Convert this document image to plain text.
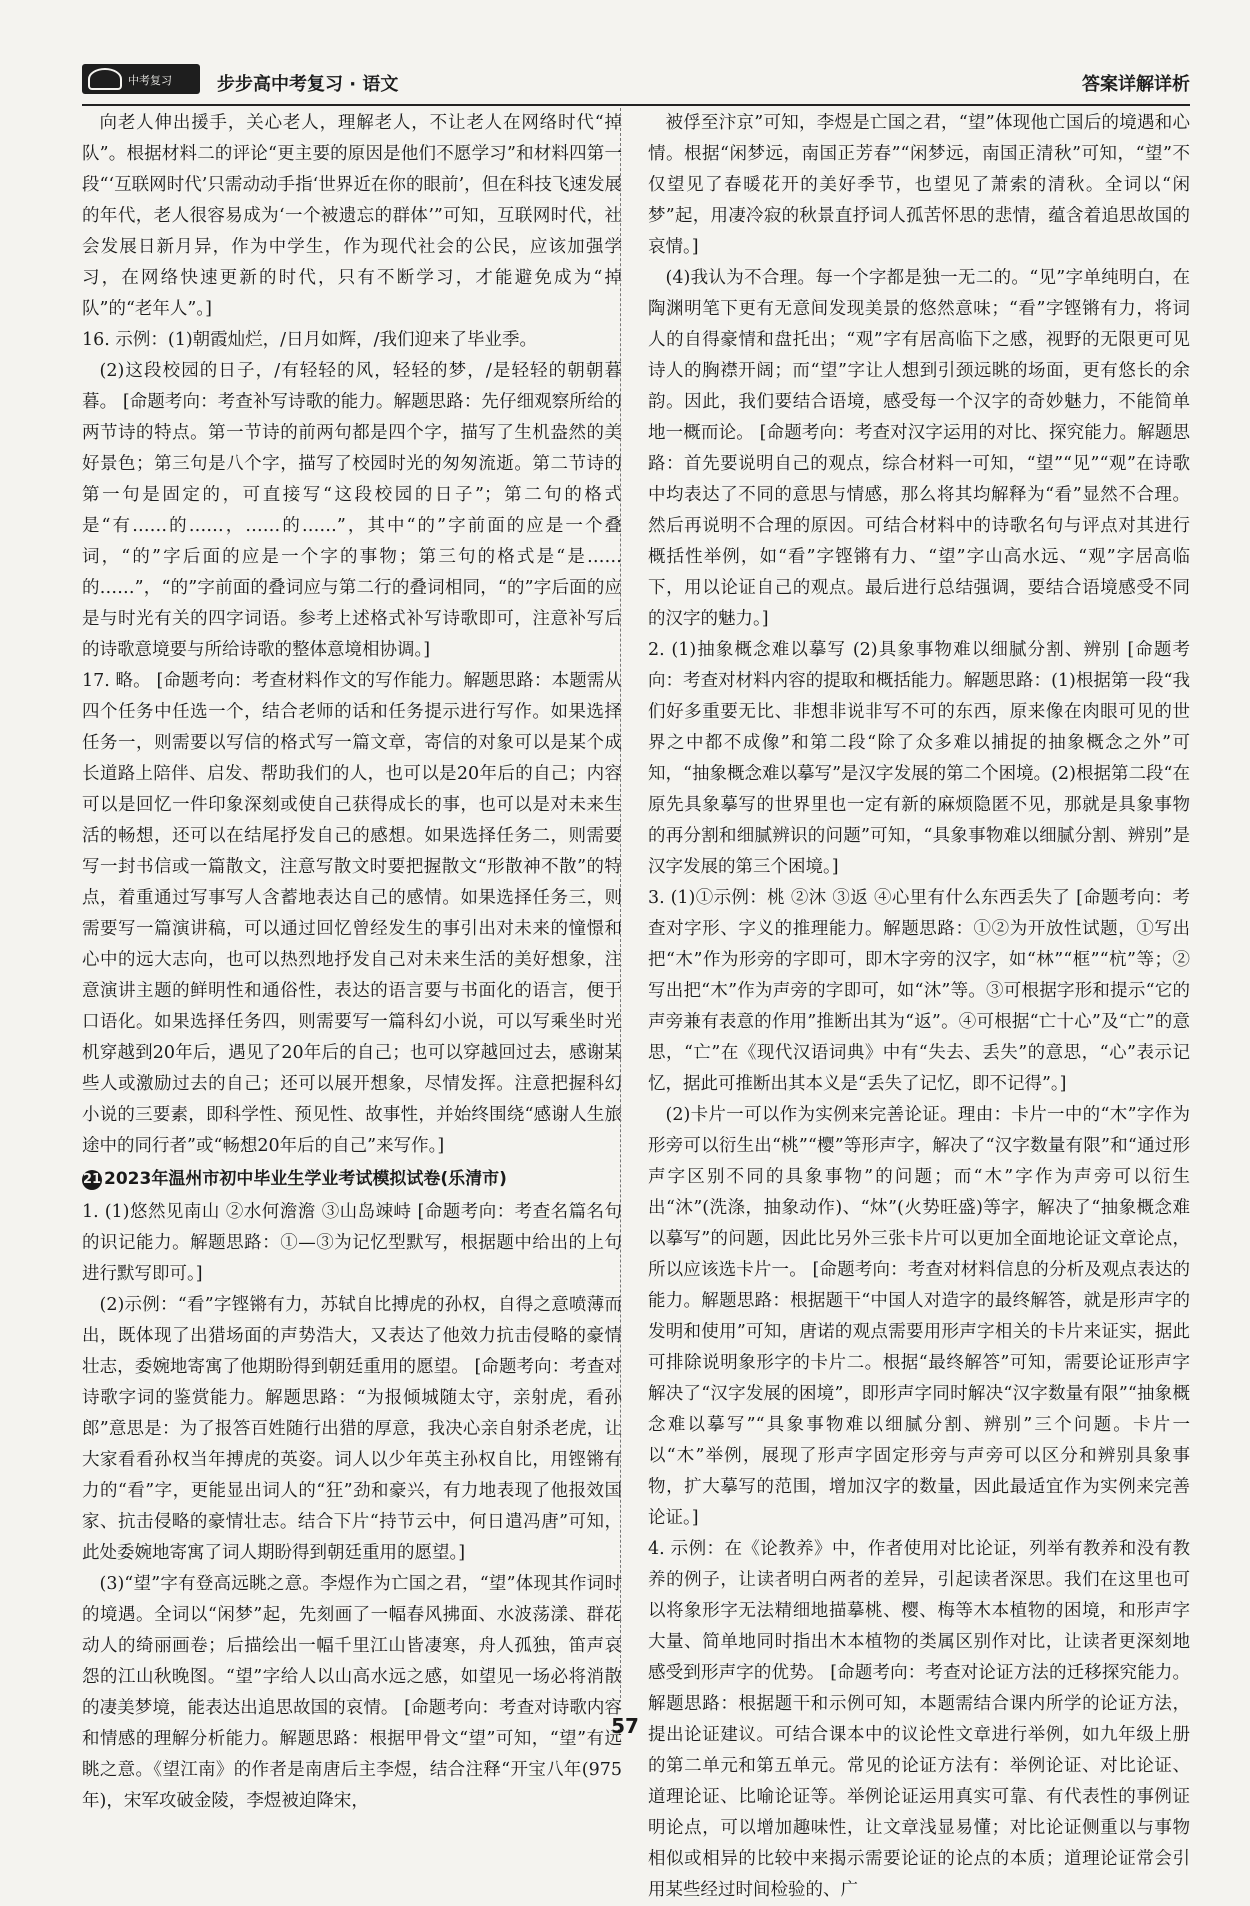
中考复习	步步高中考复习 · 语文	答案详解详析

向老人伸出援手，关心老人，理解老人，不让老人在网络时代“掉队”。根据材料二的评论“更主要的原因是他们不愿学习”和材料四第一段“‘互联网时代’只需动动手指‘世界近在你的眼前’，但在科技飞速发展的年代，老人很容易成为‘一个被遗忘的群体’”可知，互联网时代，社会发展日新月异，作为中学生，作为现代社会的公民，应该加强学习，在网络快速更新的时代，只有不断学习，才能避免成为“掉队”的“老年人”。]

16. 示例：(1)朝霞灿烂，/日月如辉，/我们迎来了毕业季。

(2)这段校园的日子，/有轻轻的风，轻轻的梦，/是轻轻的朝朝暮暮。 [命题考向：考查补写诗歌的能力。解题思路：先仔细观察所给的两节诗的特点。第一节诗的前两句都是四个字，描写了生机盎然的美好景色；第三句是八个字，描写了校园时光的匆匆流逝。第二节诗的第一句是固定的，可直接写“这段校园的日子”；第二句的格式是“有……的……，……的……”，其中“的”字前面的应是一个叠词，“的”字后面的应是一个字的事物；第三句的格式是“是……的……”，“的”字前面的叠词应与第二行的叠词相同，“的”字后面的应是与时光有关的四字词语。参考上述格式补写诗歌即可，注意补写后的诗歌意境要与所给诗歌的整体意境相协调。]

17. 略。 [命题考向：考查材料作文的写作能力。解题思路：本题需从四个任务中任选一个，结合老师的话和任务提示进行写作。如果选择任务一，则需要以写信的格式写一篇文章，寄信的对象可以是某个成长道路上陪伴、启发、帮助我们的人，也可以是20年后的自己；内容可以是回忆一件印象深刻或使自己获得成长的事，也可以是对未来生活的畅想，还可以在结尾抒发自己的感想。如果选择任务二，则需要写一封书信或一篇散文，注意写散文时要把握散文“形散神不散”的特点，着重通过写事写人含蓄地表达自己的感情。如果选择任务三，则需要写一篇演讲稿，可以通过回忆曾经发生的事引出对未来的憧憬和心中的远大志向，也可以热烈地抒发自己对未来生活的美好想象，注意演讲主题的鲜明性和通俗性，表达的语言要与书面化的语言，便于口语化。如果选择任务四，则需要写一篇科幻小说，可以写乘坐时光机穿越到20年后，遇见了20年后的自己；也可以穿越回过去，感谢某些人或激励过去的自己；还可以展开想象，尽情发挥。注意把握科幻小说的三要素，即科学性、预见性、故事性，并始终围绕“感谢人生旅途中的同行者”或“畅想20年后的自己”来写作。]

21 2023年温州市初中毕业生学业考试模拟试卷(乐清市)

1. (1)悠然见南山 ②水何澹澹 ③山岛竦峙 [命题考向：考查名篇名句的识记能力。解题思路：①—③为记忆型默写，根据题中给出的上句进行默写即可。]

(2)示例：“看”字铿锵有力，苏轼自比搏虎的孙权，自得之意喷薄而出，既体现了出猎场面的声势浩大，又表达了他效力抗击侵略的豪情壮志，委婉地寄寓了他期盼得到朝廷重用的愿望。 [命题考向：考查对诗歌字词的鉴赏能力。解题思路：“为报倾城随太守，亲射虎，看孙郎”意思是：为了报答百姓随行出猎的厚意，我决心亲自射杀老虎，让大家看看孙权当年搏虎的英姿。词人以少年英主孙权自比，用铿锵有力的“看”字，更能显出词人的“狂”劲和豪兴，有力地表现了他报效国家、抗击侵略的豪情壮志。结合下片“持节云中，何日遣冯唐”可知，此处委婉地寄寓了词人期盼得到朝廷重用的愿望。]

(3)“望”字有登高远眺之意。李煜作为亡国之君，“望”体现其作词时的境遇。全词以“闲梦”起，先刻画了一幅春风拂面、水波荡漾、群花动人的绮丽画卷；后描绘出一幅千里江山皆凄寒，舟人孤独，笛声哀怨的江山秋晚图。“望”字给人以山高水远之感，如望见一场必将消散的凄美梦境，能表达出追思故国的哀情。 [命题考向：考查对诗歌内容和情感的理解分析能力。解题思路：根据甲骨文“望”可知，“望”有远眺之意。《望江南》的作者是南唐后主李煜，结合注释“开宝八年(975年)，宋军攻破金陵，李煜被迫降宋，

被俘至汴京”可知，李煜是亡国之君，“望”体现他亡国后的境遇和心情。根据“闲梦远，南国正芳春”“闲梦远，南国正清秋”可知，“望”不仅望见了春暖花开的美好季节，也望见了萧索的清秋。全词以“闲梦”起，用凄冷寂的秋景直抒词人孤苦怀思的悲情，蕴含着追思故国的哀情。]

(4)我认为不合理。每一个字都是独一无二的。“见”字单纯明白，在陶渊明笔下更有无意间发现美景的悠然意味；“看”字铿锵有力，将词人的自得豪情和盘托出；“观”字有居高临下之感，视野的无限更可见诗人的胸襟开阔；而“望”字让人想到引颈远眺的场面，更有悠长的余韵。因此，我们要结合语境，感受每一个汉字的奇妙魅力，不能简单地一概而论。 [命题考向：考查对汉字运用的对比、探究能力。解题思路：首先要说明自己的观点，综合材料一可知，“望”“见”“观”在诗歌中均表达了不同的意思与情感，那么将其均解释为“看”显然不合理。然后再说明不合理的原因。可结合材料中的诗歌名句与评点对其进行概括性举例，如“看”字铿锵有力、“望”字山高水远、“观”字居高临下，用以论证自己的观点。最后进行总结强调，要结合语境感受不同的汉字的魅力。]

2. (1)抽象概念难以摹写 (2)具象事物难以细腻分割、辨别 [命题考向：考查对材料内容的提取和概括能力。解题思路：(1)根据第一段“我们好多重要无比、非想非说非写不可的东西，原来像在肉眼可见的世界之中都不成像”和第二段“除了众多难以捕捉的抽象概念之外”可知，“抽象概念难以摹写”是汉字发展的第二个困境。(2)根据第二段“在原先具象摹写的世界里也一定有新的麻烦隐匿不见，那就是具象事物的再分割和细腻辨识的问题”可知，“具象事物难以细腻分割、辨别”是汉字发展的第三个困境。]

3. (1)①示例：桃 ②沐 ③返 ④心里有什么东西丢失了 [命题考向：考查对字形、字义的推理能力。解题思路：①②为开放性试题，①写出把“木”作为形旁的字即可，即木字旁的汉字，如“林”“框”“杭”等；②写出把“木”作为声旁的字即可，如“沐”等。③可根据字形和提示“它的声旁兼有表意的作用”推断出其为“返”。④可根据“亡十心”及“亡”的意思，“亡”在《现代汉语词典》中有“失去、丢失”的意思，“心”表示记忆，据此可推断出其本义是“丢失了记忆，即不记得”。]

(2)卡片一可以作为实例来完善论证。理由：卡片一中的“木”字作为形旁可以衍生出“桃”“樱”等形声字，解决了“汉字数量有限”和“通过形声字区别不同的具象事物”的问题；而“木”字作为声旁可以衍生出“沐”(洗涤，抽象动作)、“炑”(火势旺盛)等字，解决了“抽象概念难以摹写”的问题，因此比另外三张卡片可以更加全面地论证文章论点，所以应该选卡片一。 [命题考向：考查对材料信息的分析及观点表达的能力。解题思路：根据题干“中国人对造字的最终解答，就是形声字的发明和使用”可知，唐诺的观点需要用形声字相关的卡片来证实，据此可排除说明象形字的卡片二。根据“最终解答”可知，需要论证形声字解决了“汉字发展的困境”，即形声字同时解决“汉字数量有限”“抽象概念难以摹写”“具象事物难以细腻分割、辨别”三个问题。卡片一以“木”举例，展现了形声字固定形旁与声旁可以区分和辨别具象事物，扩大摹写的范围，增加汉字的数量，因此最适宜作为实例来完善论证。]

4. 示例：在《论教养》中，作者使用对比论证，列举有教养和没有教养的例子，让读者明白两者的差异，引起读者深思。我们在这里也可以将象形字无法精细地描摹桃、樱、梅等木本植物的困境，和形声字大量、简单地同时指出木本植物的类属区别作对比，让读者更深刻地感受到形声字的优势。 [命题考向：考查对论证方法的迁移探究能力。解题思路：根据题干和示例可知，本题需结合课内所学的论证方法，提出论证建议。可结合课本中的议论性文章进行举例，如九年级上册的第二单元和第五单元。常见的论证方法有：举例论证、对比论证、道理论证、比喻论证等。举例论证运用真实可靠、有代表性的事例证明论点，可以增加趣味性，让文章浅显易懂；对比论证侧重以与事物相似或相异的比较中来揭示需要论证的论点的本质；道理论证常会引用某些经过时间检验的、广

57
